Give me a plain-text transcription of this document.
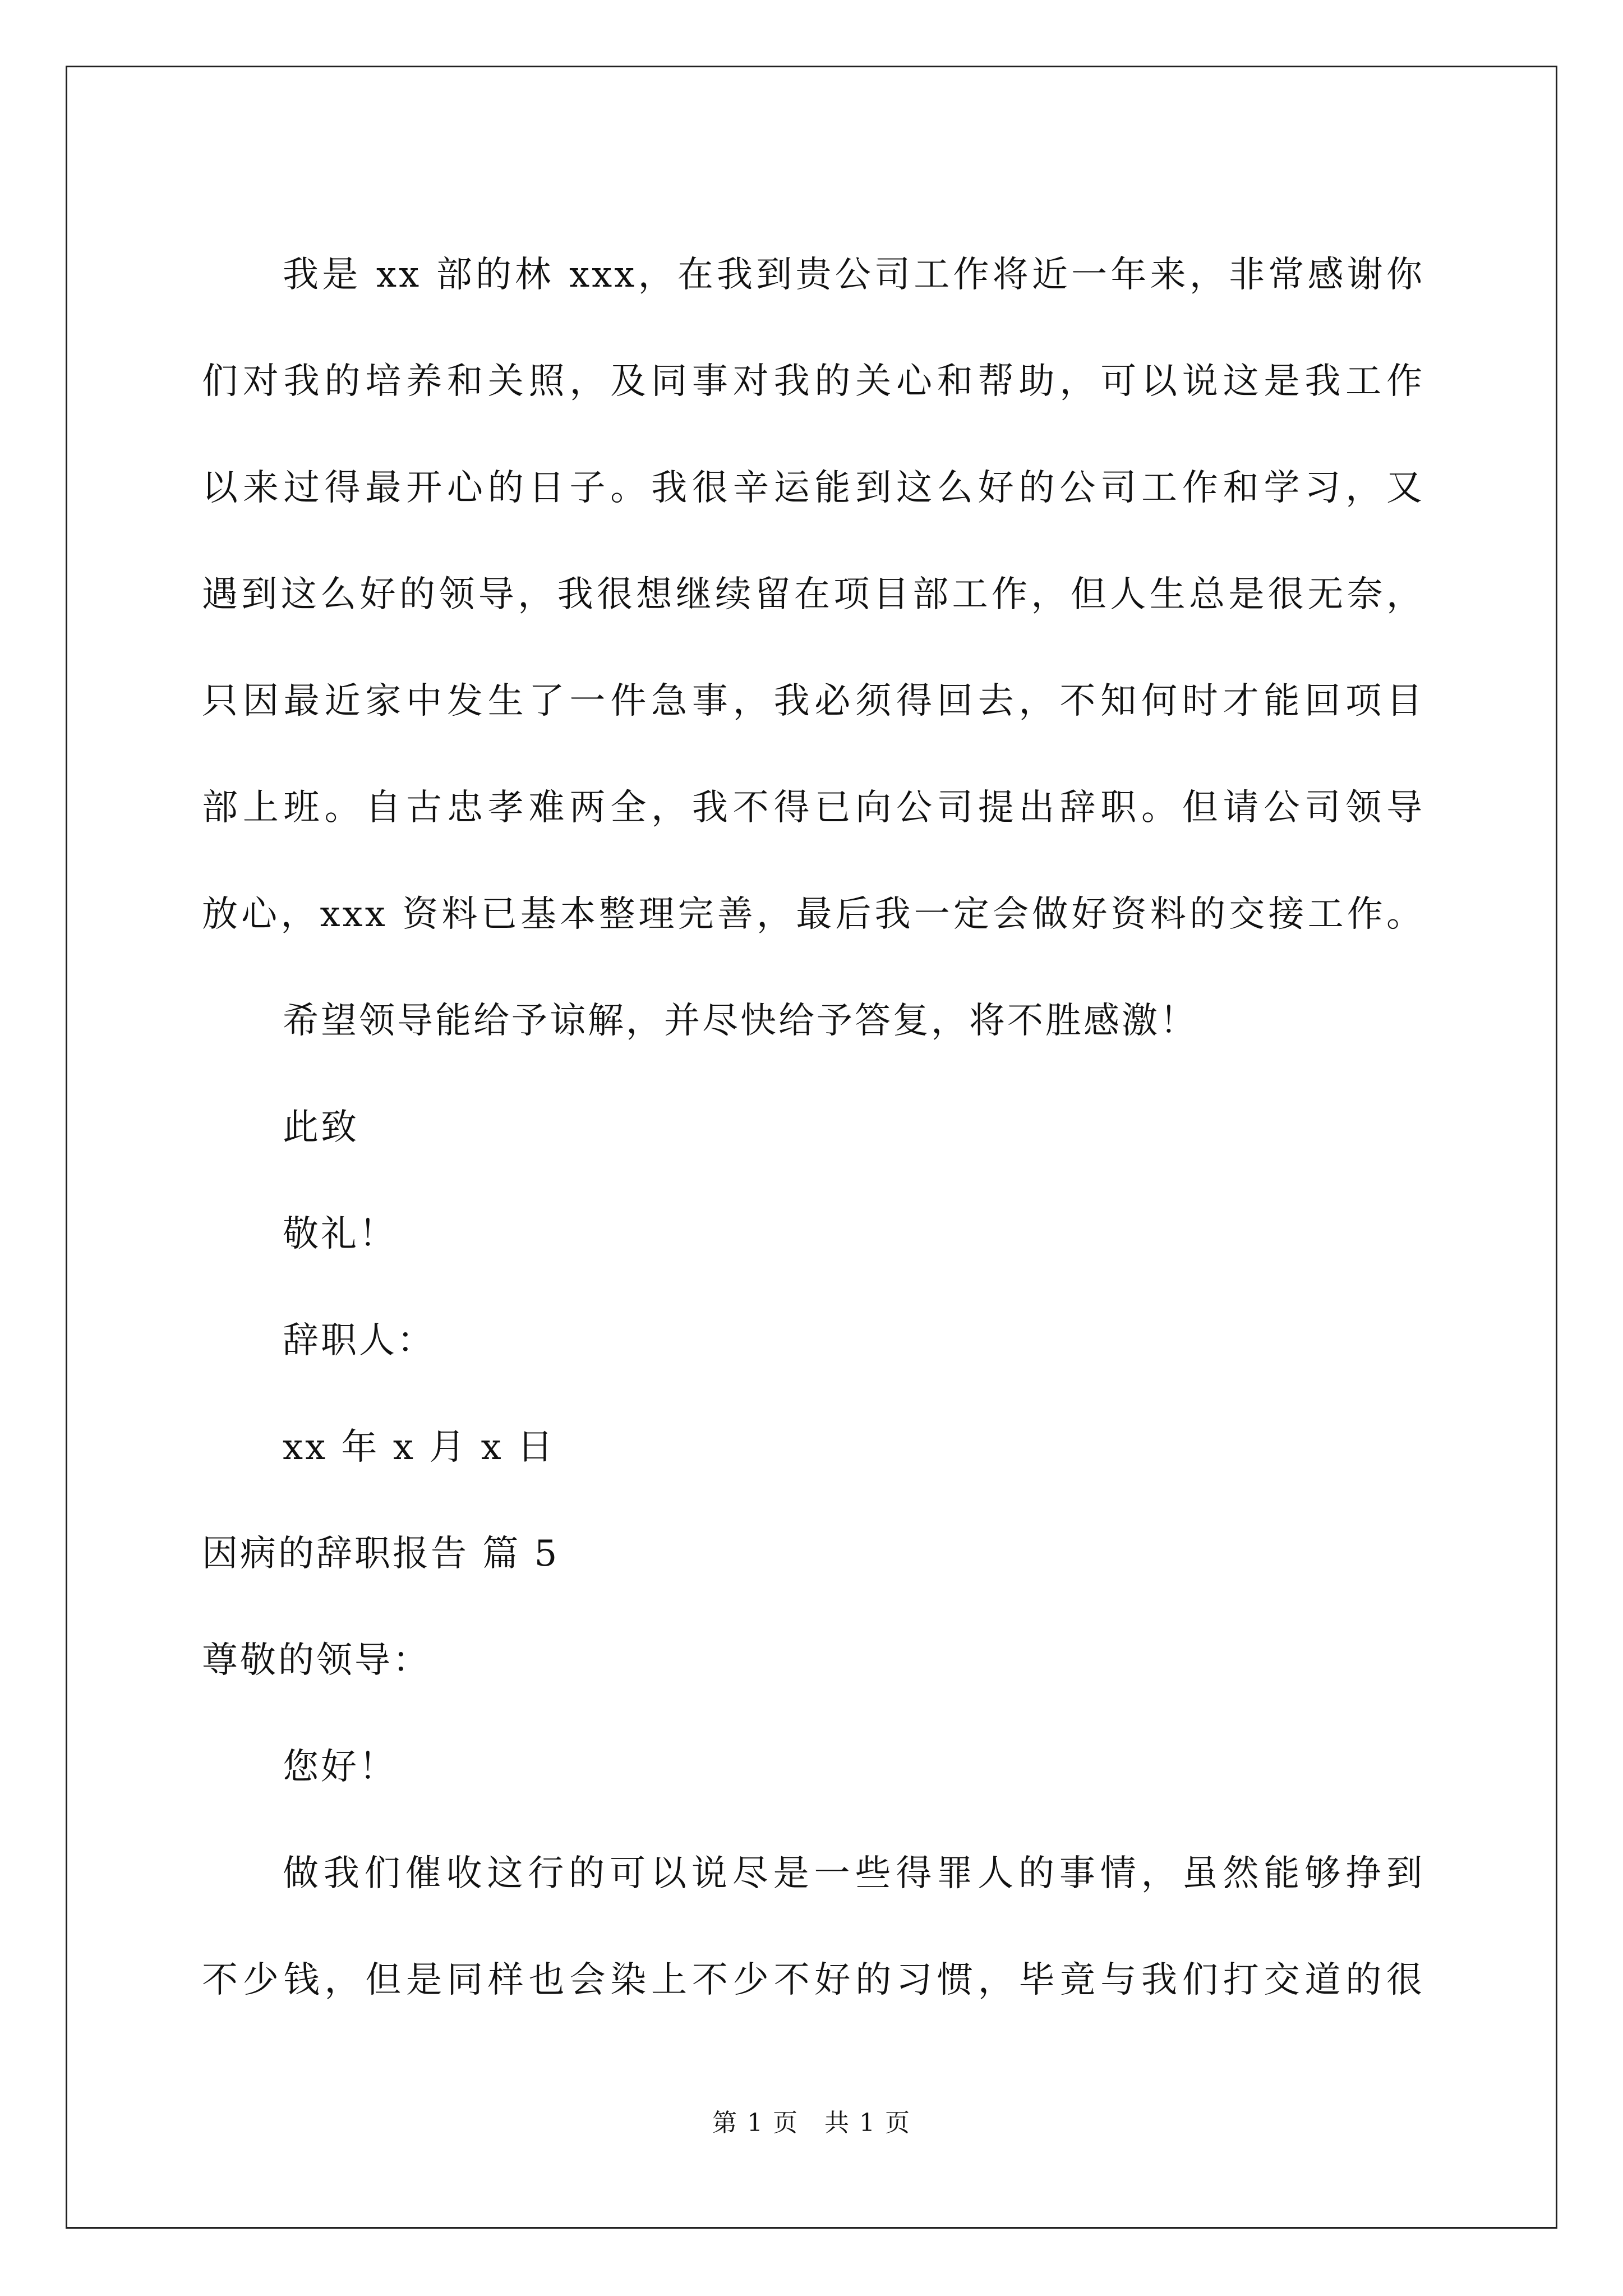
我是 xx 部的林 xxx，在我到贵公司工作将近一年来，非常感谢你
们对我的培养和关照，及同事对我的关心和帮助，可以说这是我工作
以来过得最开心的日子。我很辛运能到这么好的公司工作和学习，又
遇到这么好的领导，我很想继续留在项目部工作，但人生总是很无奈，
只因最近家中发生了一件急事，我必须得回去，不知何时才能回项目
部上班。自古忠孝难两全，我不得已向公司提出辞职。但请公司领导
放心，xxx 资料已基本整理完善，最后我一定会做好资料的交接工作。
希望领导能给予谅解，并尽快给予答复，将不胜感激！
此致
敬礼！
辞职人：
xx 年 x 月 x 日
因病的辞职报告 篇 5
尊敬的领导：
您好！
做我们催收这行的可以说尽是一些得罪人的事情，虽然能够挣到
不少钱，但是同样也会染上不少不好的习惯，毕竟与我们打交道的很
第 1 页　共 1 页
